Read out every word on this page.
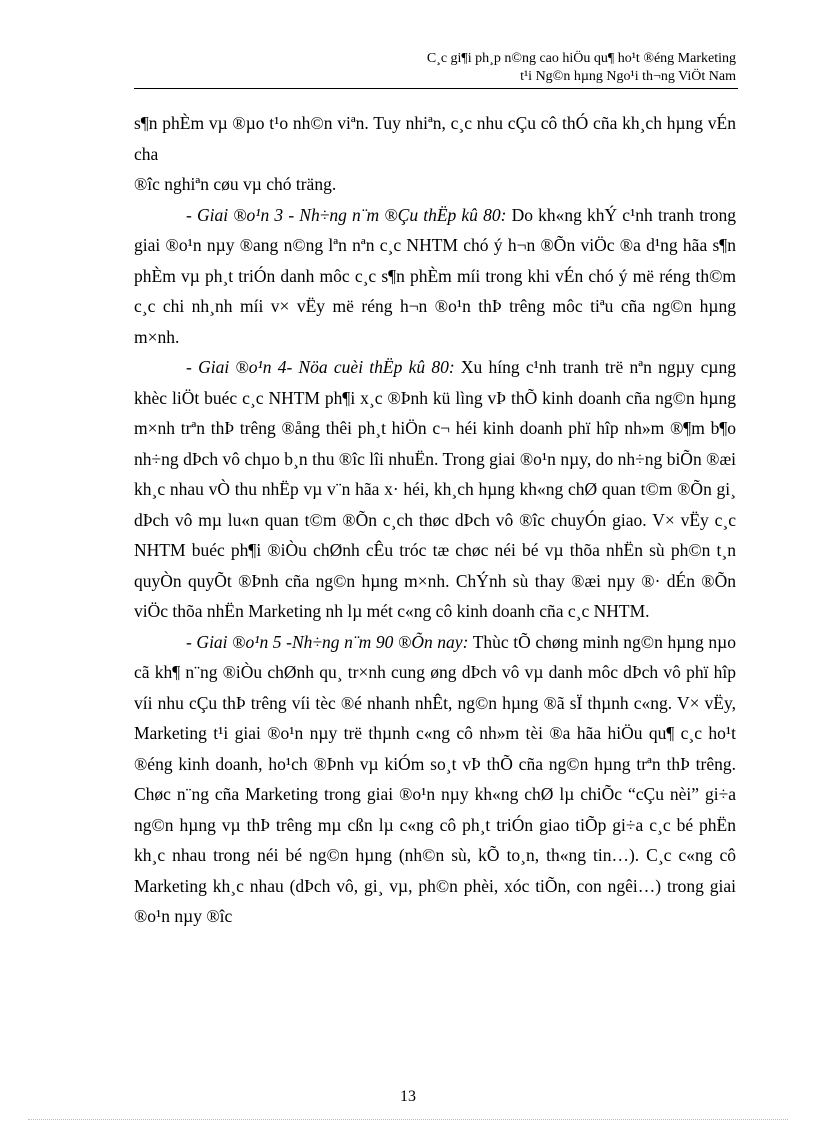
C¸c gi¶i ph¸p n©ng cao hiÖu qu¶ ho¹t ®éng Marketing
t¹i Ng©n hµng Ngo¹i th¬ng ViÖt Nam

s¶n phÈm vµ ®µo t¹o nh©n viªn. Tuy nhiªn, c¸c nhu cÇu cô thÓ cña kh¸ch hµng vÉn cha

®îc nghiªn cøu vµ chó träng.

- Giai ®o¹n 3 - Nh÷ng n¨m ®Çu thËp kû 80: Do kh«ng khÝ c¹nh tranh trong giai ®o¹n nµy ®ang n©ng lªn nªn c¸c NHTM chó ý h¬n ®Õn viÖc ®a d¹ng hãa s¶n phÈm vµ ph¸t triÓn danh môc c¸c s¶n phÈm míi trong khi vÉn chó ý më réng th©m c¸c chi nh¸nh míi v× vËy më réng h¬n ®o¹n thÞ trêng môc tiªu cña ng©n hµng m×nh.

- Giai ®o¹n 4- Nöa cuèi thËp kû 80: Xu híng c¹nh tranh trë nªn ngµy cµng khèc liÖt buéc c¸c NHTM ph¶i x¸c ®Þnh kü lìng vÞ thÕ kinh doanh cña ng©n hµng m×nh trªn thÞ trêng ®ång thêi ph¸t hiÖn c¬ héi kinh doanh phï hîp nh»m ®¶m b¶o nh÷ng dÞch vô chµo b¸n thu ®îc lîi nhuËn. Trong giai ®o¹n nµy, do nh÷ng biÕn ®æi kh¸c nhau vÒ thu nhËp vµ v¨n hãa x· héi, kh¸ch hµng kh«ng chØ quan t©m ®Õn gi¸ dÞch vô mµ lu«n quan t©m ®Õn c¸ch thøc dÞch vô ®îc chuyÓn giao. V× vËy c¸c NHTM buéc ph¶i ®iÒu chØnh cÊu tróc tæ chøc néi bé vµ thõa nhËn sù ph©n t¸n quyÒn quyÕt ®Þnh cña ng©n hµng m×nh. ChÝnh sù thay ®æi nµy ®· dÉn ®Õn viÖc thõa nhËn Marketing nh lµ mét c«ng cô kinh doanh cña c¸c NHTM.

- Giai ®o¹n 5 -Nh÷ng n¨m 90 ®Õn nay: Thùc tÕ chøng minh ng©n hµng nµo cã kh¶ n¨ng ®iÒu chØnh qu¸ tr×nh cung øng dÞch vô vµ danh môc dÞch vô phï hîp víi nhu cÇu thÞ trêng víi tèc ®é nhanh nhÊt, ng©n hµng ®ã sÏ thµnh c«ng. V× vËy, Marketing t¹i giai ®o¹n nµy trë thµnh c«ng cô nh»m tèi ®a hãa hiÖu qu¶ c¸c ho¹t ®éng kinh doanh, ho¹ch ®Þnh vµ kiÓm so¸t vÞ thÕ cña ng©n hµng trªn thÞ trêng. Chøc n¨ng cña Marketing trong giai ®o¹n nµy kh«ng chØ lµ chiÕc “cÇu nèi” gi÷a ng©n hµng vµ thÞ trêng mµ cßn lµ c«ng cô ph¸t triÓn giao tiÕp gi÷a c¸c bé phËn kh¸c nhau trong néi bé ng©n hµng (nh©n sù, kÕ to¸n, th«ng tin…). C¸c c«ng cô Marketing kh¸c nhau (dÞch vô, gi¸ vµ, ph©n phèi, xóc tiÕn, con ngêi…) trong giai ®o¹n nµy ®îc

13
